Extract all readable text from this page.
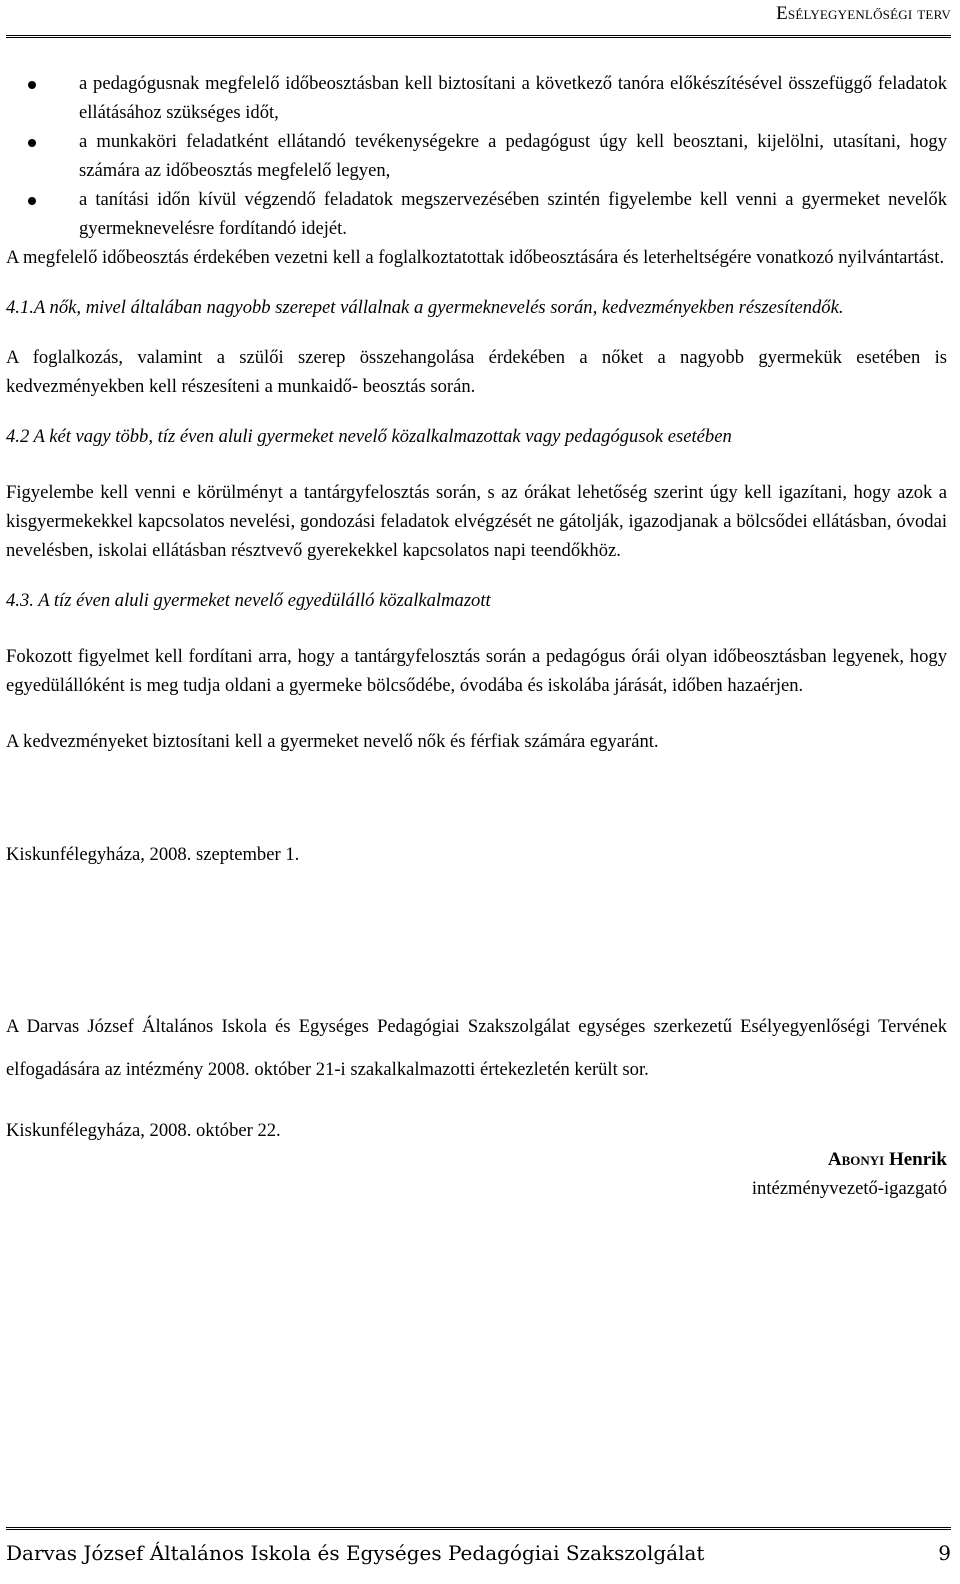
Esélyegyenlőségi terv
a pedagógusnak megfelelő időbeosztásban kell biztosítani a következő tanóra előkészítésével összefüggő feladatok ellátásához szükséges időt,
a munkaköri feladatként ellátandó tevékenységekre a pedagógust úgy kell beosztani, kijelölni, utasítani, hogy számára az időbeosztás megfelelő legyen,
a tanítási időn kívül végzendő feladatok megszervezésében szintén figyelembe kell venni a gyermeket nevelők gyermeknevelésre fordítandó idejét.

A megfelelő időbeosztás érdekében vezetni kell a foglalkoztatottak időbeosztására és leterheltségére vonatkozó nyilvántartást.

4.1.A nők, mivel általában nagyobb szerepet vállalnak a gyermeknevelés során, kedvezményekben részesítendők.

A foglalkozás, valamint a szülői szerep összehangolása érdekében a nőket a nagyobb gyermekük esetében is kedvezményekben kell részesíteni a munkaidő- beosztás során.

4.2 A két vagy több, tíz éven aluli gyermeket nevelő közalkalmazottak vagy pedagógusok esetében

Figyelembe kell venni e körülményt a tantárgyfelosztás során, s az órákat lehetőség szerint úgy kell igazítani, hogy azok a kisgyermekekkel kapcsolatos nevelési, gondozási feladatok elvégzését ne gátolják, igazodjanak a bölcsődei ellátásban, óvodai nevelésben, iskolai ellátásban résztvevő gyerekekkel kapcsolatos napi teendőkhöz.

4.3. A tíz éven aluli gyermeket nevelő egyedülálló közalkalmazott

Fokozott figyelmet kell fordítani arra, hogy a tantárgyfelosztás során a pedagógus órái olyan időbeosztásban legyenek, hogy egyedülállóként is meg tudja oldani a gyermeke bölcsődébe, óvodába és iskolába járását, időben hazaérjen.

A kedvezményeket biztosítani kell a gyermeket nevelő nők és férfiak számára egyaránt.

Kiskunfélegyháza, 2008. szeptember 1.

A Darvas József Általános Iskola és Egységes Pedagógiai Szakszolgálat egységes szerkezetű Esélyegyenlőségi Tervének elfogadására az intézmény 2008. október 21-i szakalkalmazotti értekezletén került sor.

Kiskunfélegyháza, 2008. október 22.

Abonyi Henrik
intézményvezető-igazgató
Darvas József Általános Iskola és Egységes Pedagógiai Szakszolgálat	9
